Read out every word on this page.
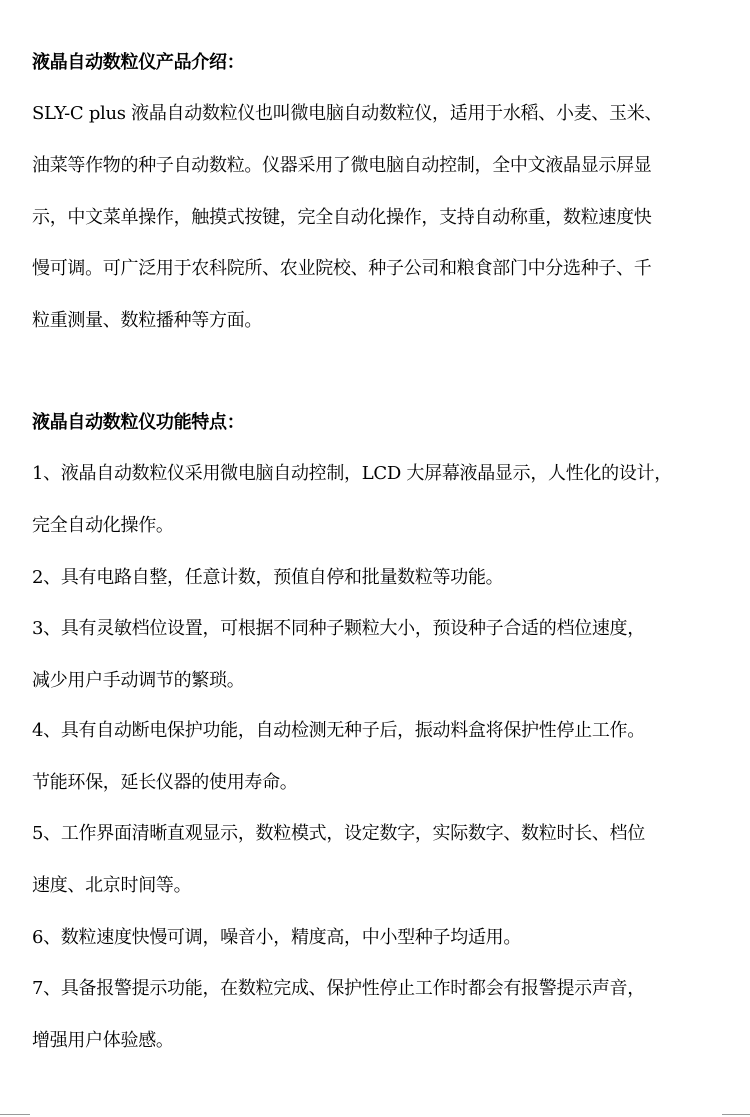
液晶自动数粒仪产品介绍：
SLY-C plus 液晶自动数粒仪也叫微电脑自动数粒仪，适用于水稻、小麦、玉米、
油菜等作物的种子自动数粒。仪器采用了微电脑自动控制，全中文液晶显示屏显
示，中文菜单操作，触摸式按键，完全自动化操作，支持自动称重，数粒速度快
慢可调。可广泛用于农科院所、农业院校、种子公司和粮食部门中分选种子、千
粒重测量、数粒播种等方面。
液晶自动数粒仪功能特点：
1、液晶自动数粒仪采用微电脑自动控制，LCD 大屏幕液晶显示，人性化的设计，
完全自动化操作。
2、具有电路自整，任意计数，预值自停和批量数粒等功能。
3、具有灵敏档位设置，可根据不同种子颗粒大小，预设种子合适的档位速度，
减少用户手动调节的繁琐。
4、具有自动断电保护功能，自动检测无种子后，振动料盒将保护性停止工作。
节能环保，延长仪器的使用寿命。
5、工作界面清晰直观显示，数粒模式，设定数字，实际数字、数粒时长、档位
速度、北京时间等。
6、数粒速度快慢可调，噪音小，精度高，中小型种子均适用。
7、具备报警提示功能，在数粒完成、保护性停止工作时都会有报警提示声音，
增强用户体验感。
